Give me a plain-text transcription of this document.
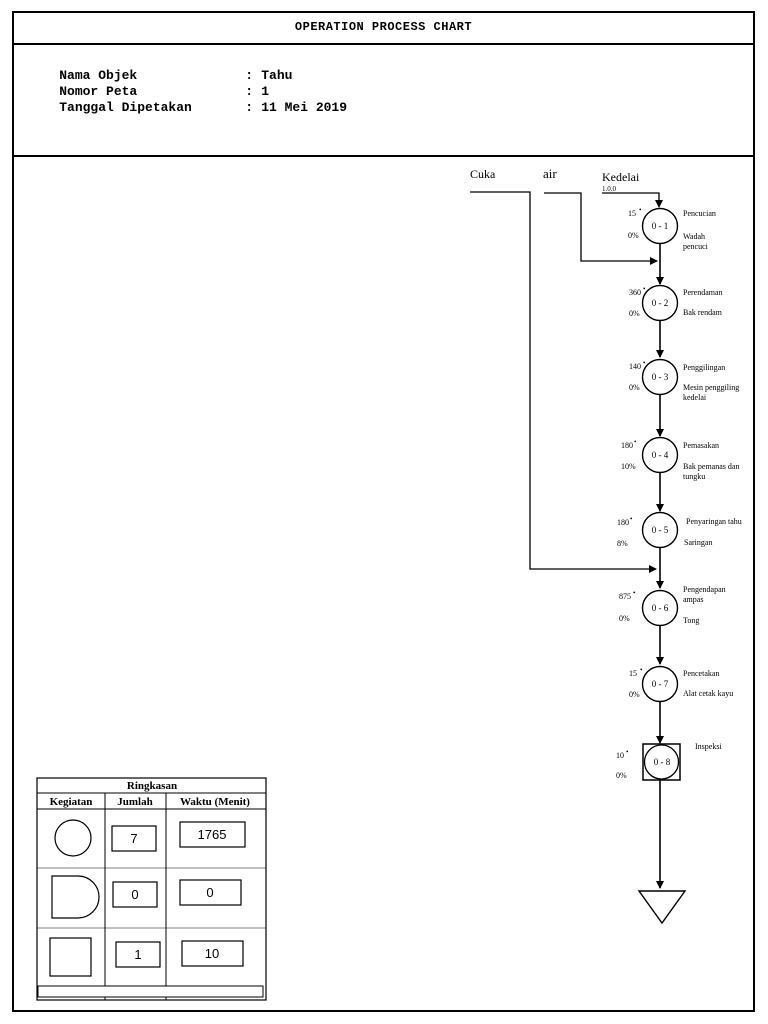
OPERATION PROCESS CHART

Nama Objek	: Tahu

Nomor Peta	: 1

Tanggal Dipetakan	: 11 Mei 2019

Cuka	air	Kedelai
1.0.0
0 - 1
15 •
0%
Pencucian
Wadah pencuci
0 - 2
360 •
0%
Perendaman
Bak rendam
0 - 3
140 •
0%
Penggilingan
Mesin penggiling kedelai
0 - 4
180 •
10%
Pemasakan
Bak pemanas dan tungku
0 - 5
180 •
8%
Penyaringan tahu
Saringan
0 - 6
875 •
0%
Pengendapan ampas
Tong
0 - 7
15 •
0%
Pencetakan
Alat cetak kayu
0 - 8
10 •
0%
Inspeksi
Ringkasan
Kegiatan Jumlah Waktu (Menit)
7	1765
0	0
1	10
